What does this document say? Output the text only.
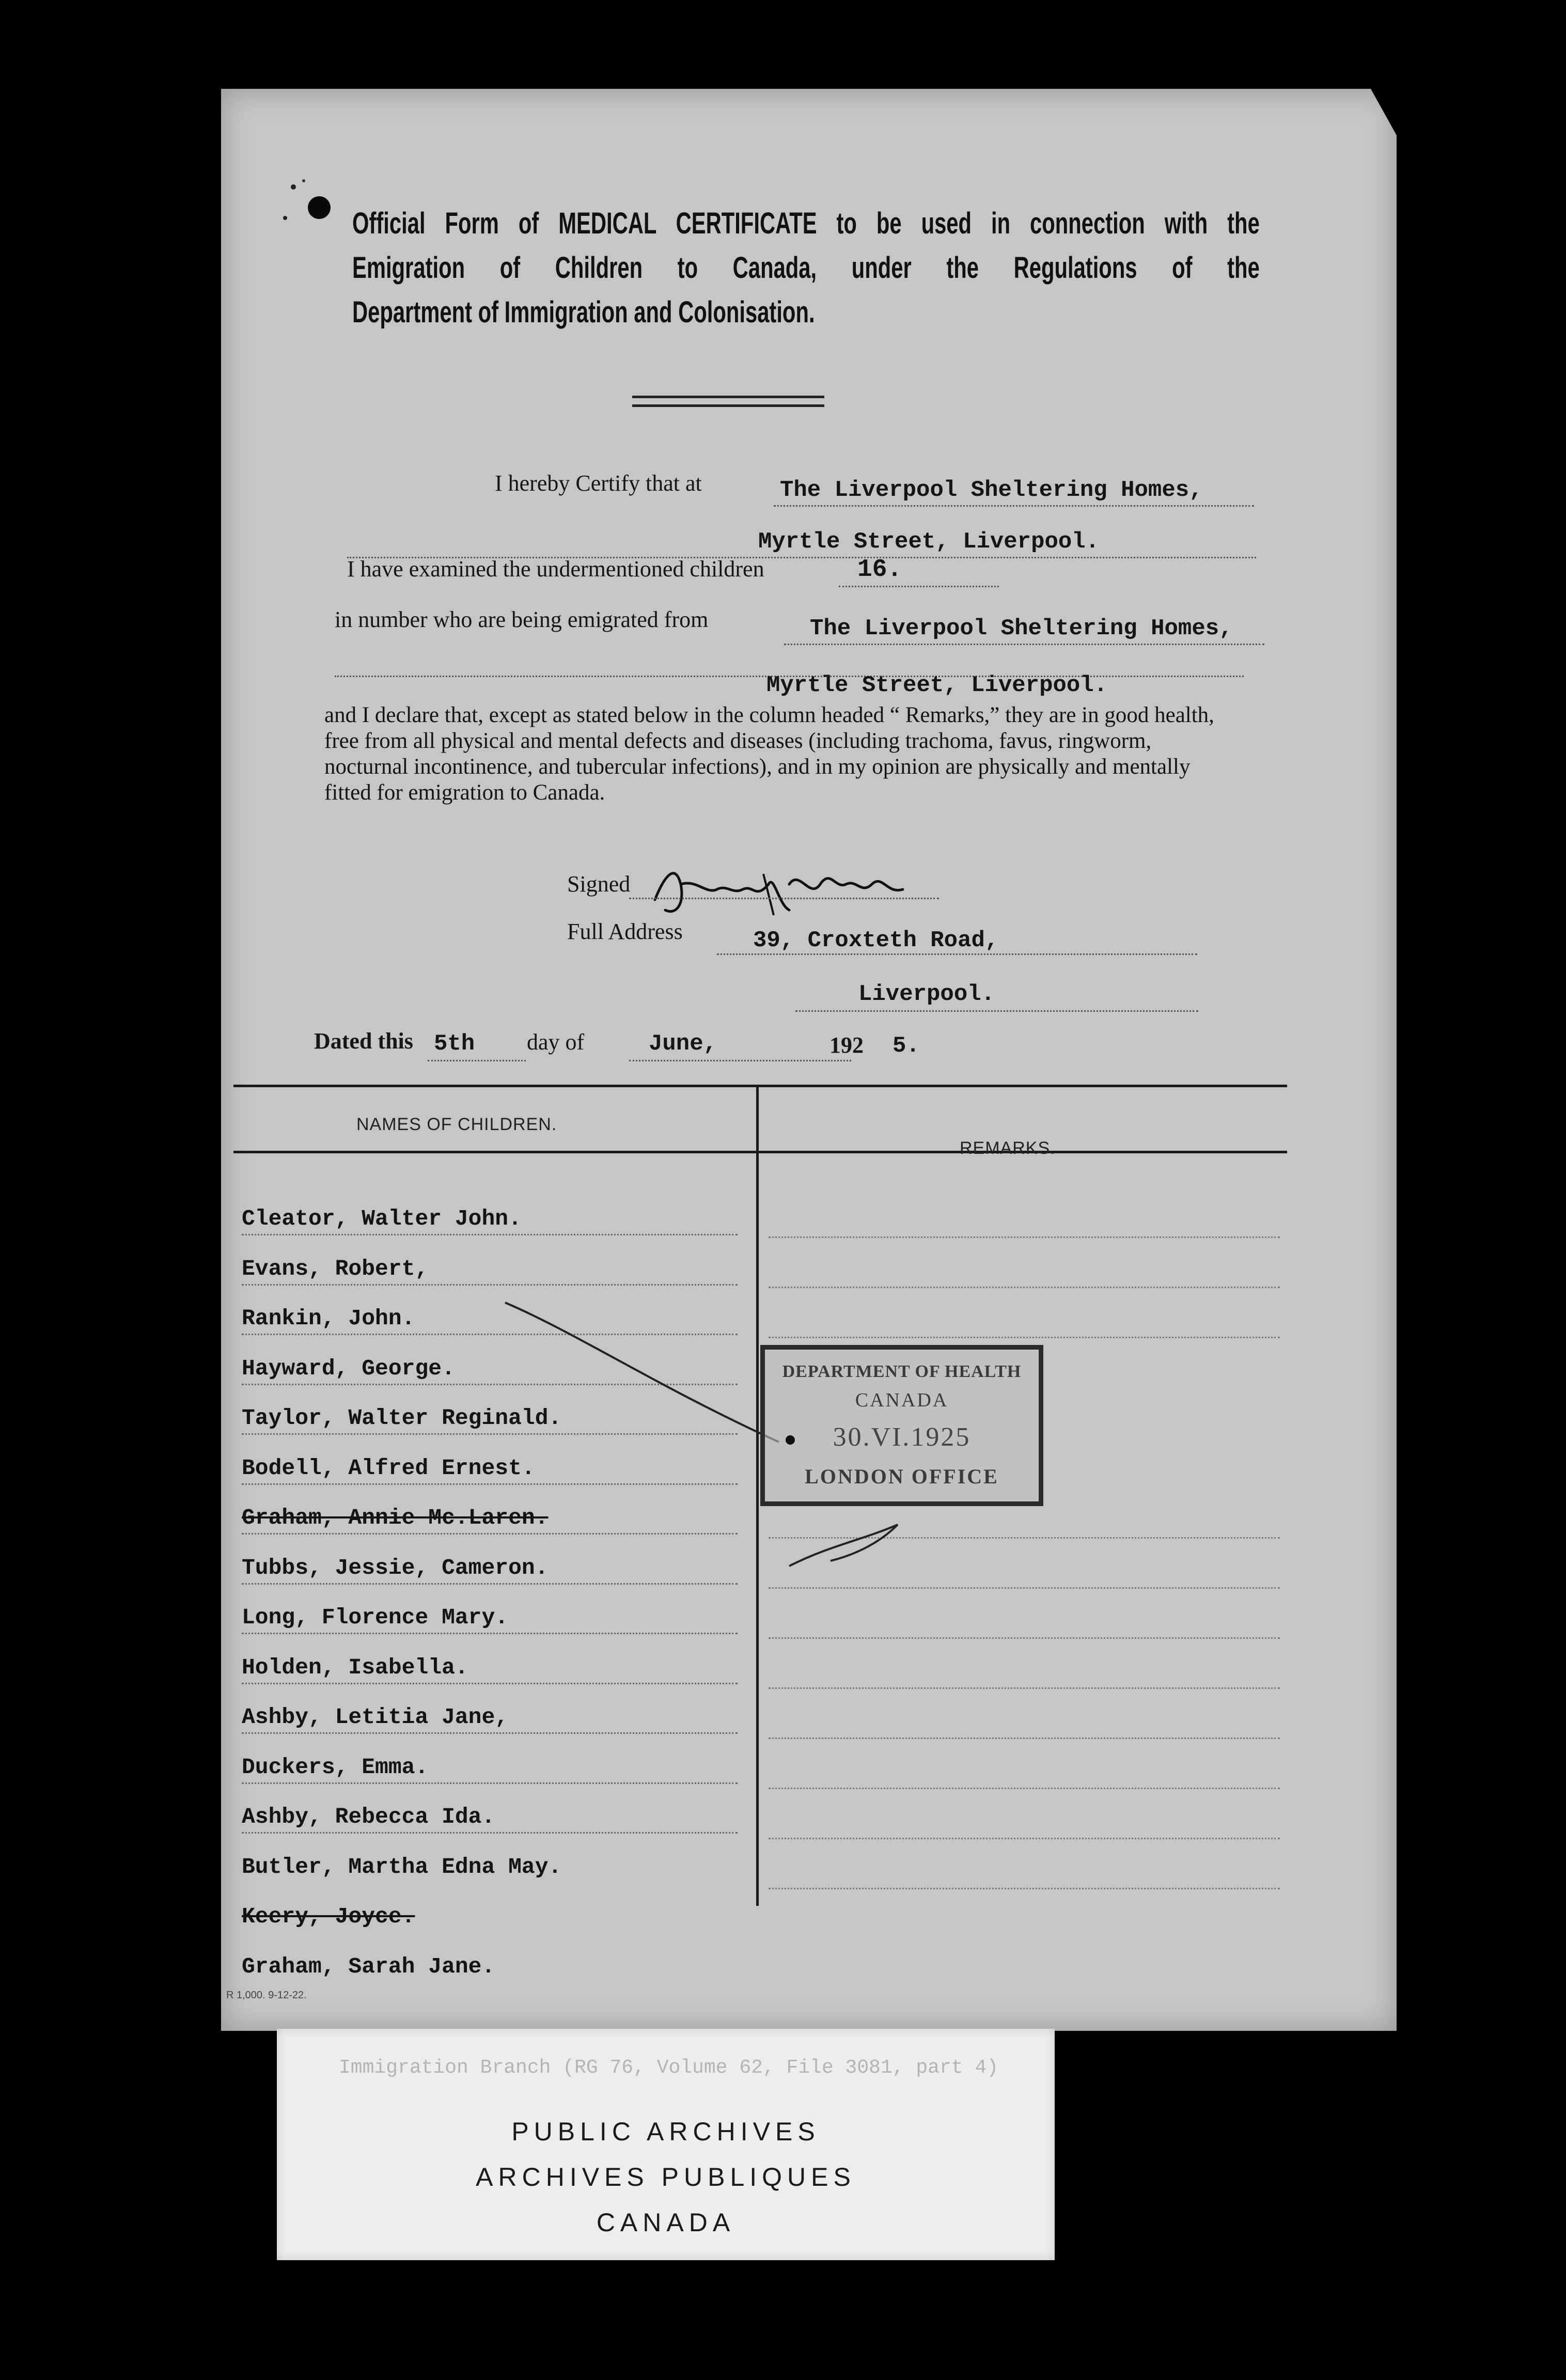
Official Form of MEDICAL CERTIFICATE to be used in connection with the
Emigration of Children to Canada, under the Regulations of the
Department of Immigration and Colonisation.
I hereby Certify that at	The Liverpool Sheltering Homes,
Myrtle Street, Liverpool.
I have examined the undermentioned children	16.
in number who are being emigrated from	The Liverpool Sheltering Homes,
Myrtle Street, Liverpool.
and I declare that, except as stated below in the column headed “ Remarks,” they are in good health, free from all physical and mental defects and diseases (including trachoma, favus, ringworm, nocturnal incontinence, and tubercular infections), and in my opinion are physically and mentally fitted for emigration to Canada.
Signed
Full Address	39, Croxteth Road,
Liverpool.
Dated this 5th day of	June,	192 5.
NAMES OF CHILDREN.
REMARKS.
Cleator, Walter John.
Evans, Robert,
Rankin, John.
Hayward, George.
Taylor, Walter Reginald.
Bodell, Alfred Ernest.
Graham, Annie Mc.Laren.
Tubbs, Jessie, Cameron.
Long, Florence Mary.
Holden, Isabella.
Ashby, Letitia Jane,
Duckers, Emma.
Ashby, Rebecca Ida.
Butler, Martha Edna May.
Keery, Joyce.
Graham, Sarah Jane.
DEPARTMENT OF HEALTH
CANADA
30.VI.1925
LONDON OFFICE
R 1,000. 9-12-22.
Immigration Branch (RG 76, Volume 62, File 3081, part 4)
PUBLIC ARCHIVES
ARCHIVES PUBLIQUES
CANADA
